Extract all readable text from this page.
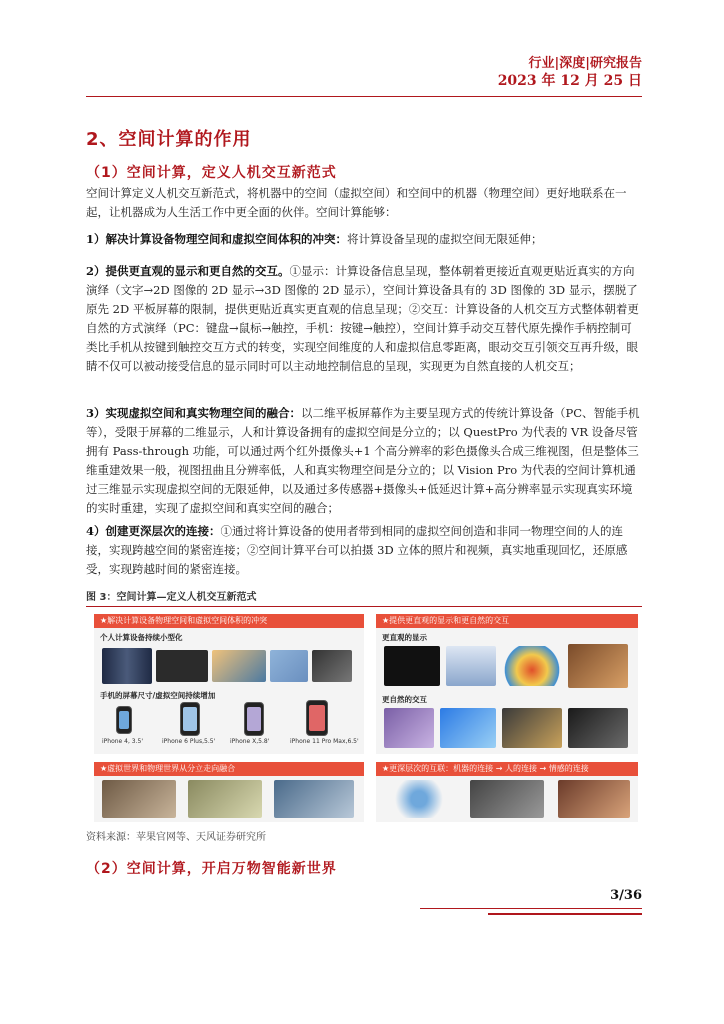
行业|深度|研究报告
2023 年 12 月 25 日
2、空间计算的作用
（1）空间计算，定义人机交互新范式
空间计算定义人机交互新范式，将机器中的空间（虚拟空间）和空间中的机器（物理空间）更好地联系在一起，让机器成为人生活工作中更全面的伙伴。空间计算能够：
1）解决计算设备物理空间和虚拟空间体积的冲突：将计算设备呈现的虚拟空间无限延伸；
2）提供更直观的显示和更自然的交互。①显示：计算设备信息呈现，整体朝着更接近直观更贴近真实的方向演绎（文字→2D 图像的 2D 显示→3D 图像的 2D 显示），空间计算设备具有的 3D 图像的 3D 显示，摆脱了原先 2D 平板屏幕的限制，提供更贴近真实更直观的信息呈现；②交互：计算设备的人机交互方式整体朝着更自然的方式演绎（PC：键盘→鼠标→触控，手机：按键→触控），空间计算手动交互替代原先操作手柄控制可类比手机从按键到触控交互方式的转变，实现空间维度的人和虚拟信息零距离，眼动交互引领交互再升级，眼睛不仅可以被动接受信息的显示同时可以主动地控制信息的呈现，实现更为自然直接的人机交互；
3）实现虚拟空间和真实物理空间的融合：以二维平板屏幕作为主要呈现方式的传统计算设备（PC、智能手机等），受限于屏幕的二维显示，人和计算设备拥有的虚拟空间是分立的；以 QuestPro 为代表的 VR 设备尽管拥有 Pass-through 功能，可以通过两个红外摄像头+1 个高分辨率的彩色摄像头合成三维视图，但是整体三维重建效果一般，视图扭曲且分辨率低，人和真实物理空间是分立的；以 Vision Pro 为代表的空间计算机通过三维显示实现虚拟空间的无限延伸，以及通过多传感器+摄像头+低延迟计算+高分辨率显示实现真实环境的实时重建，实现了虚拟空间和真实空间的融合；
4）创建更深层次的连接：①通过将计算设备的使用者带到相同的虚拟空间创造和非同一物理空间的人的连接，实现跨越空间的紧密连接；②空间计算平台可以拍摄 3D 立体的照片和视频，真实地重现回忆，还原感受，实现跨越时间的紧密连接。
图 3：空间计算—定义人机交互新范式
★解决计算设备物理空间和虚拟空间体积的冲突
个人计算设备持续小型化
手机的屏幕尺寸/虚拟空间持续增加
iPhone 4, 3.5'	iPhone 6 Plus,5.5' iPhone X,5.8'	iPhone 11 Pro Max,6.5'
★提供更直观的显示和更自然的交互
更直观的显示
更自然的交互
★虚拟世界和物理世界从分立走向融合	★更深层次的互联：机器的连接 → 人的连接 → 情感的连接
资料来源：苹果官网等、天风证券研究所
（2）空间计算，开启万物智能新世界
3/36
